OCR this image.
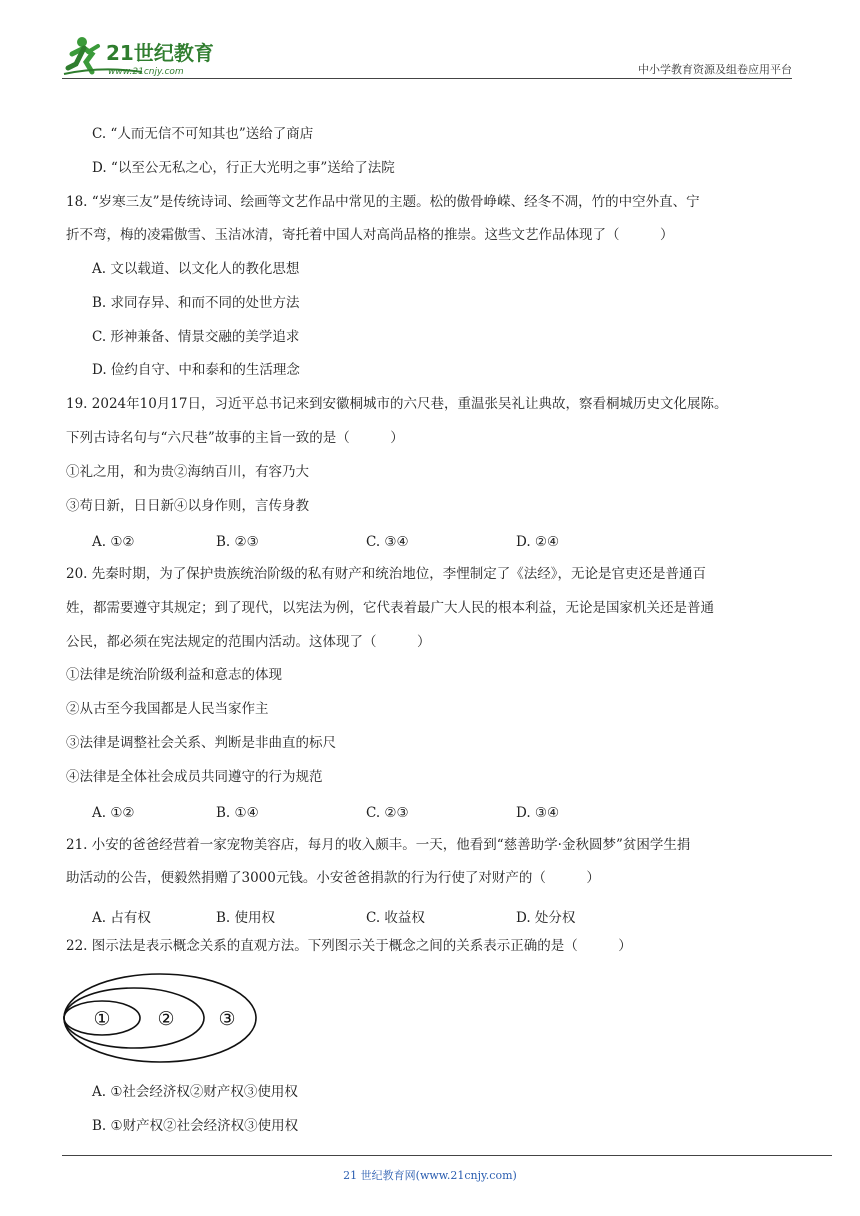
21世纪教育
www.21cnjy.com	中小学教育资源及组卷应用平台
C. “人而无信不可知其也”送给了商店
D. “以至公无私之心，行正大光明之事”送给了法院
18. “岁寒三友”是传统诗词、绘画等文艺作品中常见的主题。松的傲骨峥嵘、经冬不凋，竹的中空外直、宁
折不弯，梅的凌霜傲雪、玉洁冰清，寄托着中国人对高尚品格的推崇。这些文艺作品体现了（　　　）
A. 文以载道、以文化人的教化思想
B. 求同存异、和而不同的处世方法
C. 形神兼备、情景交融的美学追求
D. 俭约自守、中和泰和的生活理念
19. 2024年10月17日，习近平总书记来到安徽桐城市的六尺巷，重温张吴礼让典故，察看桐城历史文化展陈。
下列古诗名句与“六尺巷”故事的主旨一致的是（　　　）
①礼之用，和为贵②海纳百川，有容乃大
③苟日新，日日新④以身作则，言传身教
A. ①②	B. ②③	C. ③④	D. ②④
20. 先秦时期，为了保护贵族统治阶级的私有财产和统治地位，李悝制定了《法经》，无论是官吏还是普通百
姓，都需要遵守其规定；到了现代，以宪法为例，它代表着最广大人民的根本利益，无论是国家机关还是普通
公民，都必须在宪法规定的范围内活动。这体现了（　　　）
①法律是统治阶级利益和意志的体现
②从古至今我国都是人民当家作主
③法律是调整社会关系、判断是非曲直的标尺
④法律是全体社会成员共同遵守的行为规范
A. ①②	B. ①④	C. ②③	D. ③④
21. 小安的爸爸经营着一家宠物美容店，每月的收入颇丰。一天，他看到“慈善助学·金秋圆梦”贫困学生捐
助活动的公告，便毅然捐赠了3000元钱。小安爸爸捐款的行为行使了对财产的（　　　）
A. 占有权	B. 使用权	C. 收益权	D. 处分权
22. 图示法是表示概念关系的直观方法。下列图示关于概念之间的关系表示正确的是（　　　）
① ② ③
A. ①社会经济权②财产权③使用权
B. ①财产权②社会经济权③使用权
21 世纪教育网(www.21cnjy.com)
